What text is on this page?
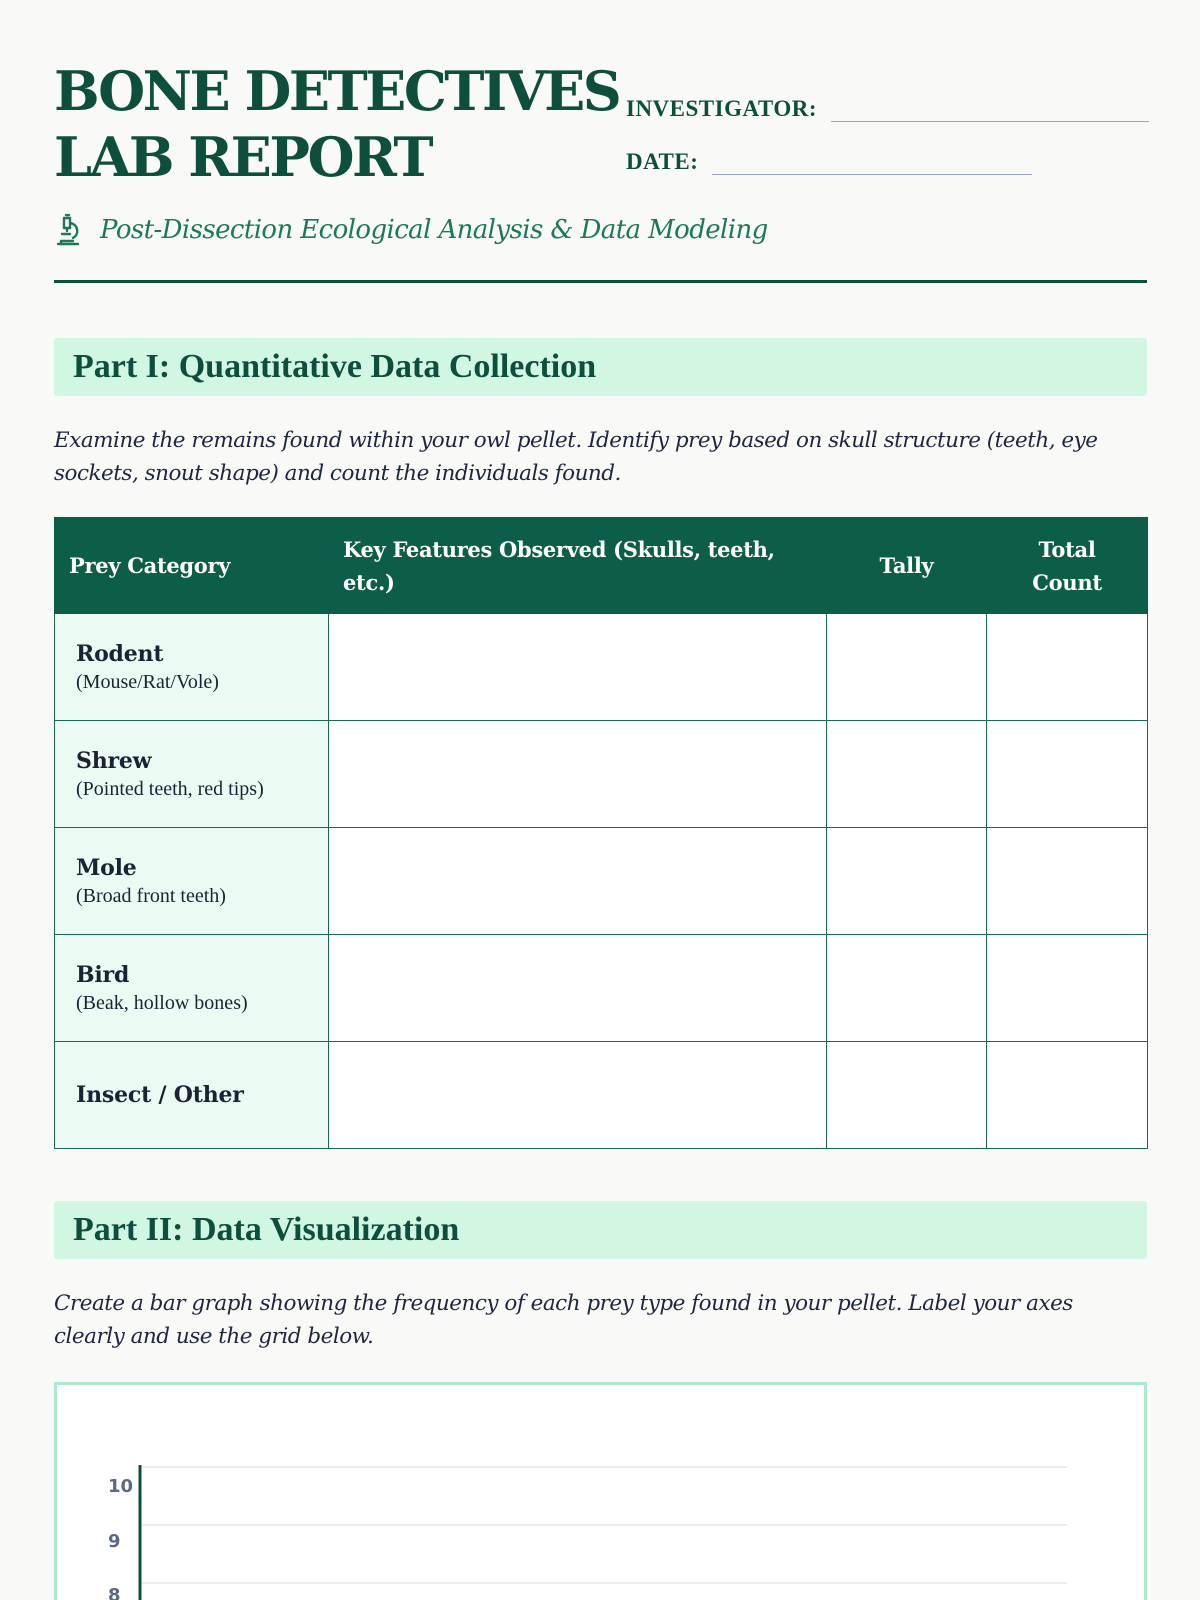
BONE DETECTIVES
LAB REPORT
INVESTIGATOR:
DATE:
Post-Dissection Ecological Analysis & Data Modeling
Part I: Quantitative Data Collection

Examine the remains found within your owl pellet. Identify prey based on skull structure (teeth, eye sockets, snout shape) and count the individuals found.

Prey Category	Key Features Observed (Skulls, teeth, etc.)	Tally	Total Count

Rodent
(Mouse/Rat/Vole)			

Shrew
(Pointed teeth, red tips)			

Mole
(Broad front teeth)			

Bird
(Beak, hollow bones)			

Insect / Other			

Part II: Data Visualization

Create a bar graph showing the frequency of each prey type found in your pellet. Label your axes clearly and use the grid below.

10
9
8
